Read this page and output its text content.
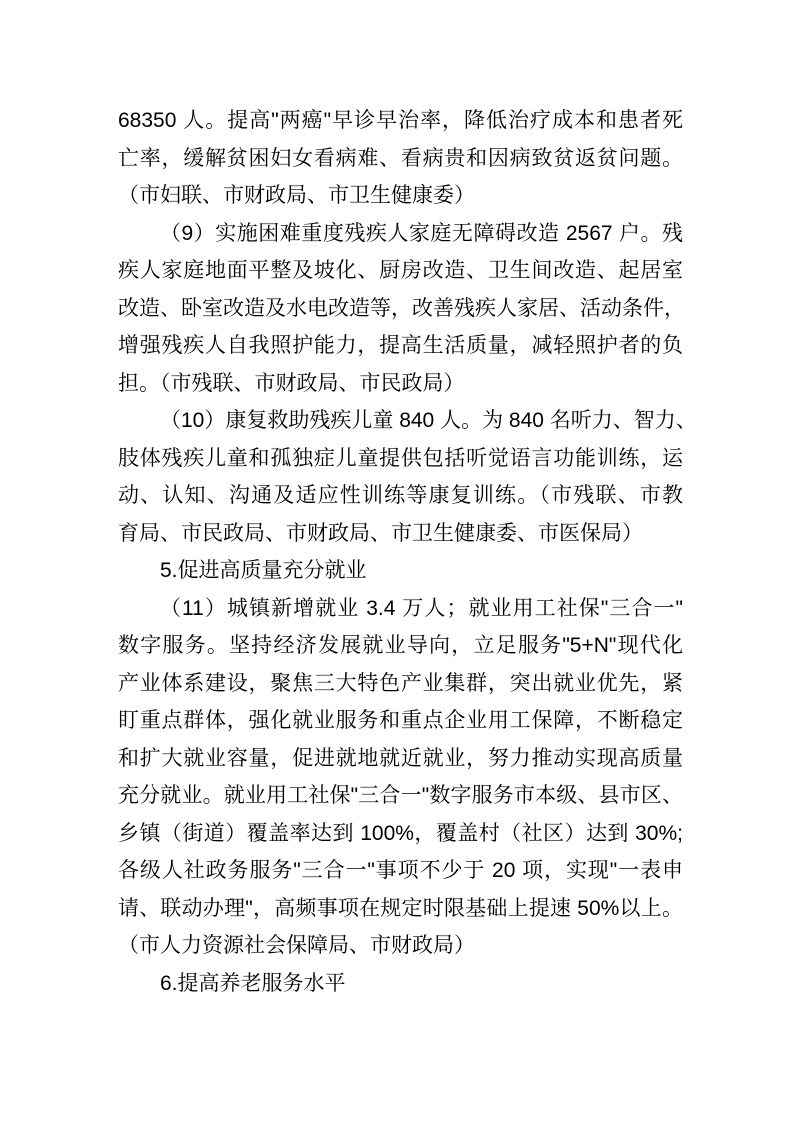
68350 人。提高"两癌"早诊早治率，降低治疗成本和患者死
亡率，缓解贫困妇女看病难、看病贵和因病致贫返贫问题。
（市妇联、市财政局、市卫生健康委）
（9）实施困难重度残疾人家庭无障碍改造 2567 户。残
疾人家庭地面平整及坡化、厨房改造、卫生间改造、起居室
改造、卧室改造及水电改造等，改善残疾人家居、活动条件，
增强残疾人自我照护能力，提高生活质量，减轻照护者的负
担。（市残联、市财政局、市民政局）
（10）康复救助残疾儿童 840 人。为 840 名听力、智力、
肢体残疾儿童和孤独症儿童提供包括听觉语言功能训练，运
动、认知、沟通及适应性训练等康复训练。（市残联、市教
育局、市民政局、市财政局、市卫生健康委、市医保局）
5.促进高质量充分就业
（11）城镇新增就业 3.4 万人；就业用工社保"三合一"
数字服务。坚持经济发展就业导向，立足服务"5+N"现代化
产业体系建设，聚焦三大特色产业集群，突出就业优先，紧
盯重点群体，强化就业服务和重点企业用工保障，不断稳定
和扩大就业容量，促进就地就近就业，努力推动实现高质量
充分就业。就业用工社保"三合一"数字服务市本级、县市区、
乡镇（街道）覆盖率达到 100%，覆盖村（社区）达到 30%;
各级人社政务服务"三合一"事项不少于 20 项，实现"一表申
请、联动办理"，高频事项在规定时限基础上提速 50%以上。
（市人力资源社会保障局、市财政局）
6.提高养老服务水平
